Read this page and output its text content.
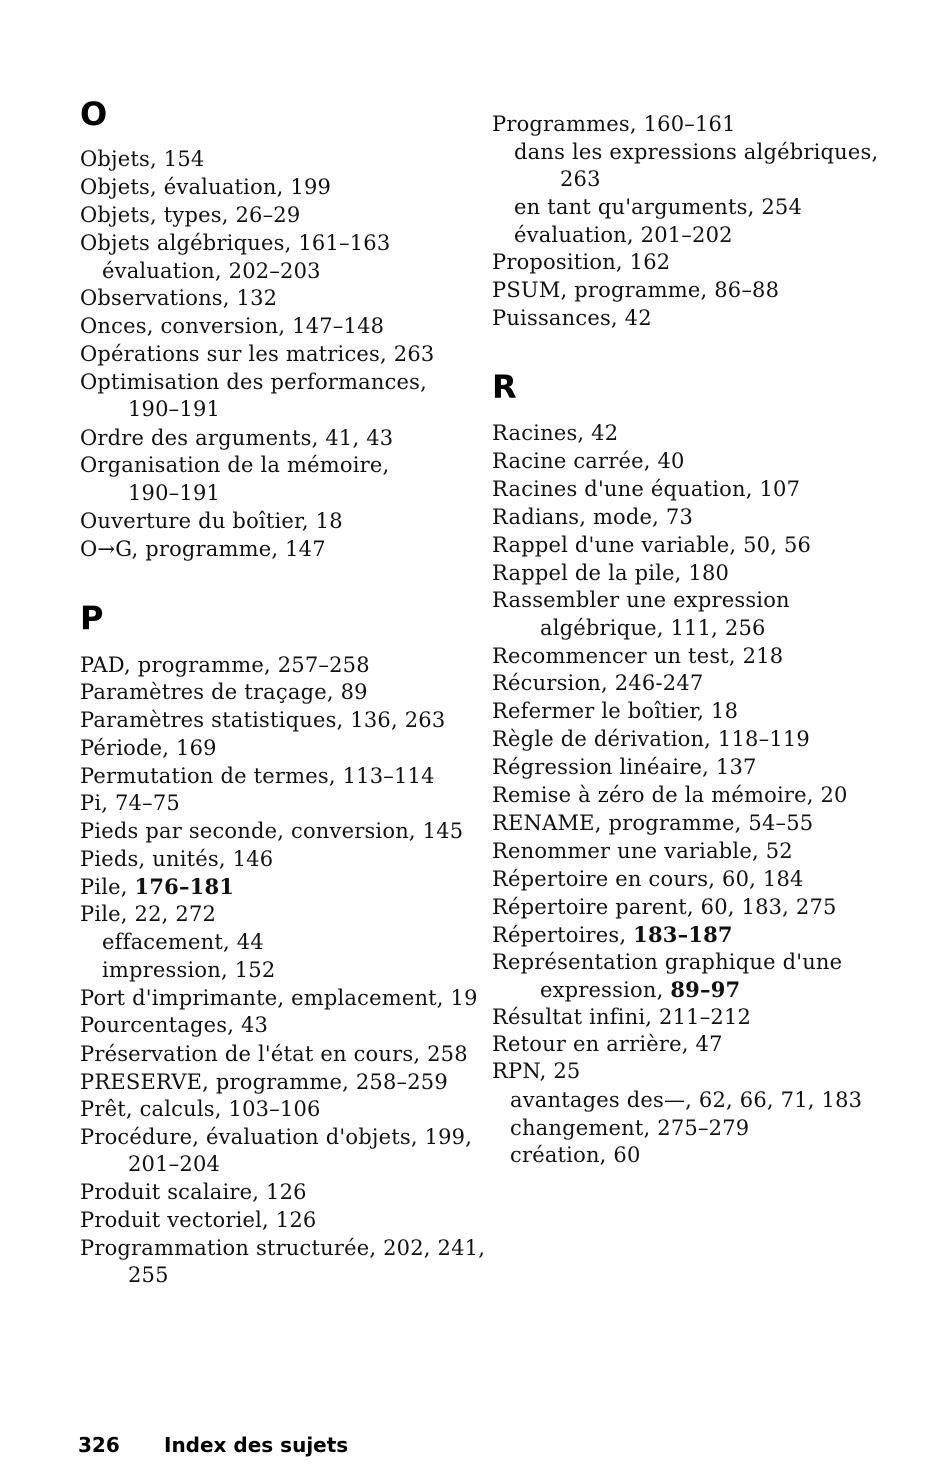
O
Objets, 154
Objets, évaluation, 199
Objets, types, 26–29
Objets algébriques, 161–163
évaluation, 202–203
Observations, 132
Onces, conversion, 147–148
Opérations sur les matrices, 263
Optimisation des performances,
190–191
Ordre des arguments, 41, 43
Organisation de la mémoire,
190–191
Ouverture du boîtier, 18
O→G, programme, 147
P
PAD, programme, 257–258
Paramètres de traçage, 89
Paramètres statistiques, 136, 263
Période, 169
Permutation de termes, 113–114
Pi, 74–75
Pieds par seconde, conversion, 145
Pieds, unités, 146
Pile, 176–181
Pile, 22, 272
effacement, 44
impression, 152
Port d'imprimante, emplacement, 19
Pourcentages, 43
Préservation de l'état en cours, 258
PRESERVE, programme, 258–259
Prêt, calculs, 103–106
Procédure, évaluation d'objets, 199,
201–204
Produit scalaire, 126
Produit vectoriel, 126
Programmation structurée, 202, 241,
255
Programmes, 160–161
dans les expressions algébriques,
263
en tant qu'arguments, 254
évaluation, 201–202
Proposition, 162
PSUM, programme, 86–88
Puissances, 42
R
Racines, 42
Racine carrée, 40
Racines d'une équation, 107
Radians, mode, 73
Rappel d'une variable, 50, 56
Rappel de la pile, 180
Rassembler une expression
algébrique, 111, 256
Recommencer un test, 218
Récursion, 246-247
Refermer le boîtier, 18
Règle de dérivation, 118–119
Régression linéaire, 137
Remise à zéro de la mémoire, 20
RENAME, programme, 54–55
Renommer une variable, 52
Répertoire en cours, 60, 184
Répertoire parent, 60, 183, 275
Répertoires, 183–187
Représentation graphique d'une
expression, 89–97
Résultat infini, 211–212
Retour en arrière, 47
RPN, 25
avantages des—, 62, 66, 71, 183
changement, 275–279
création, 60
326 Index des sujets
